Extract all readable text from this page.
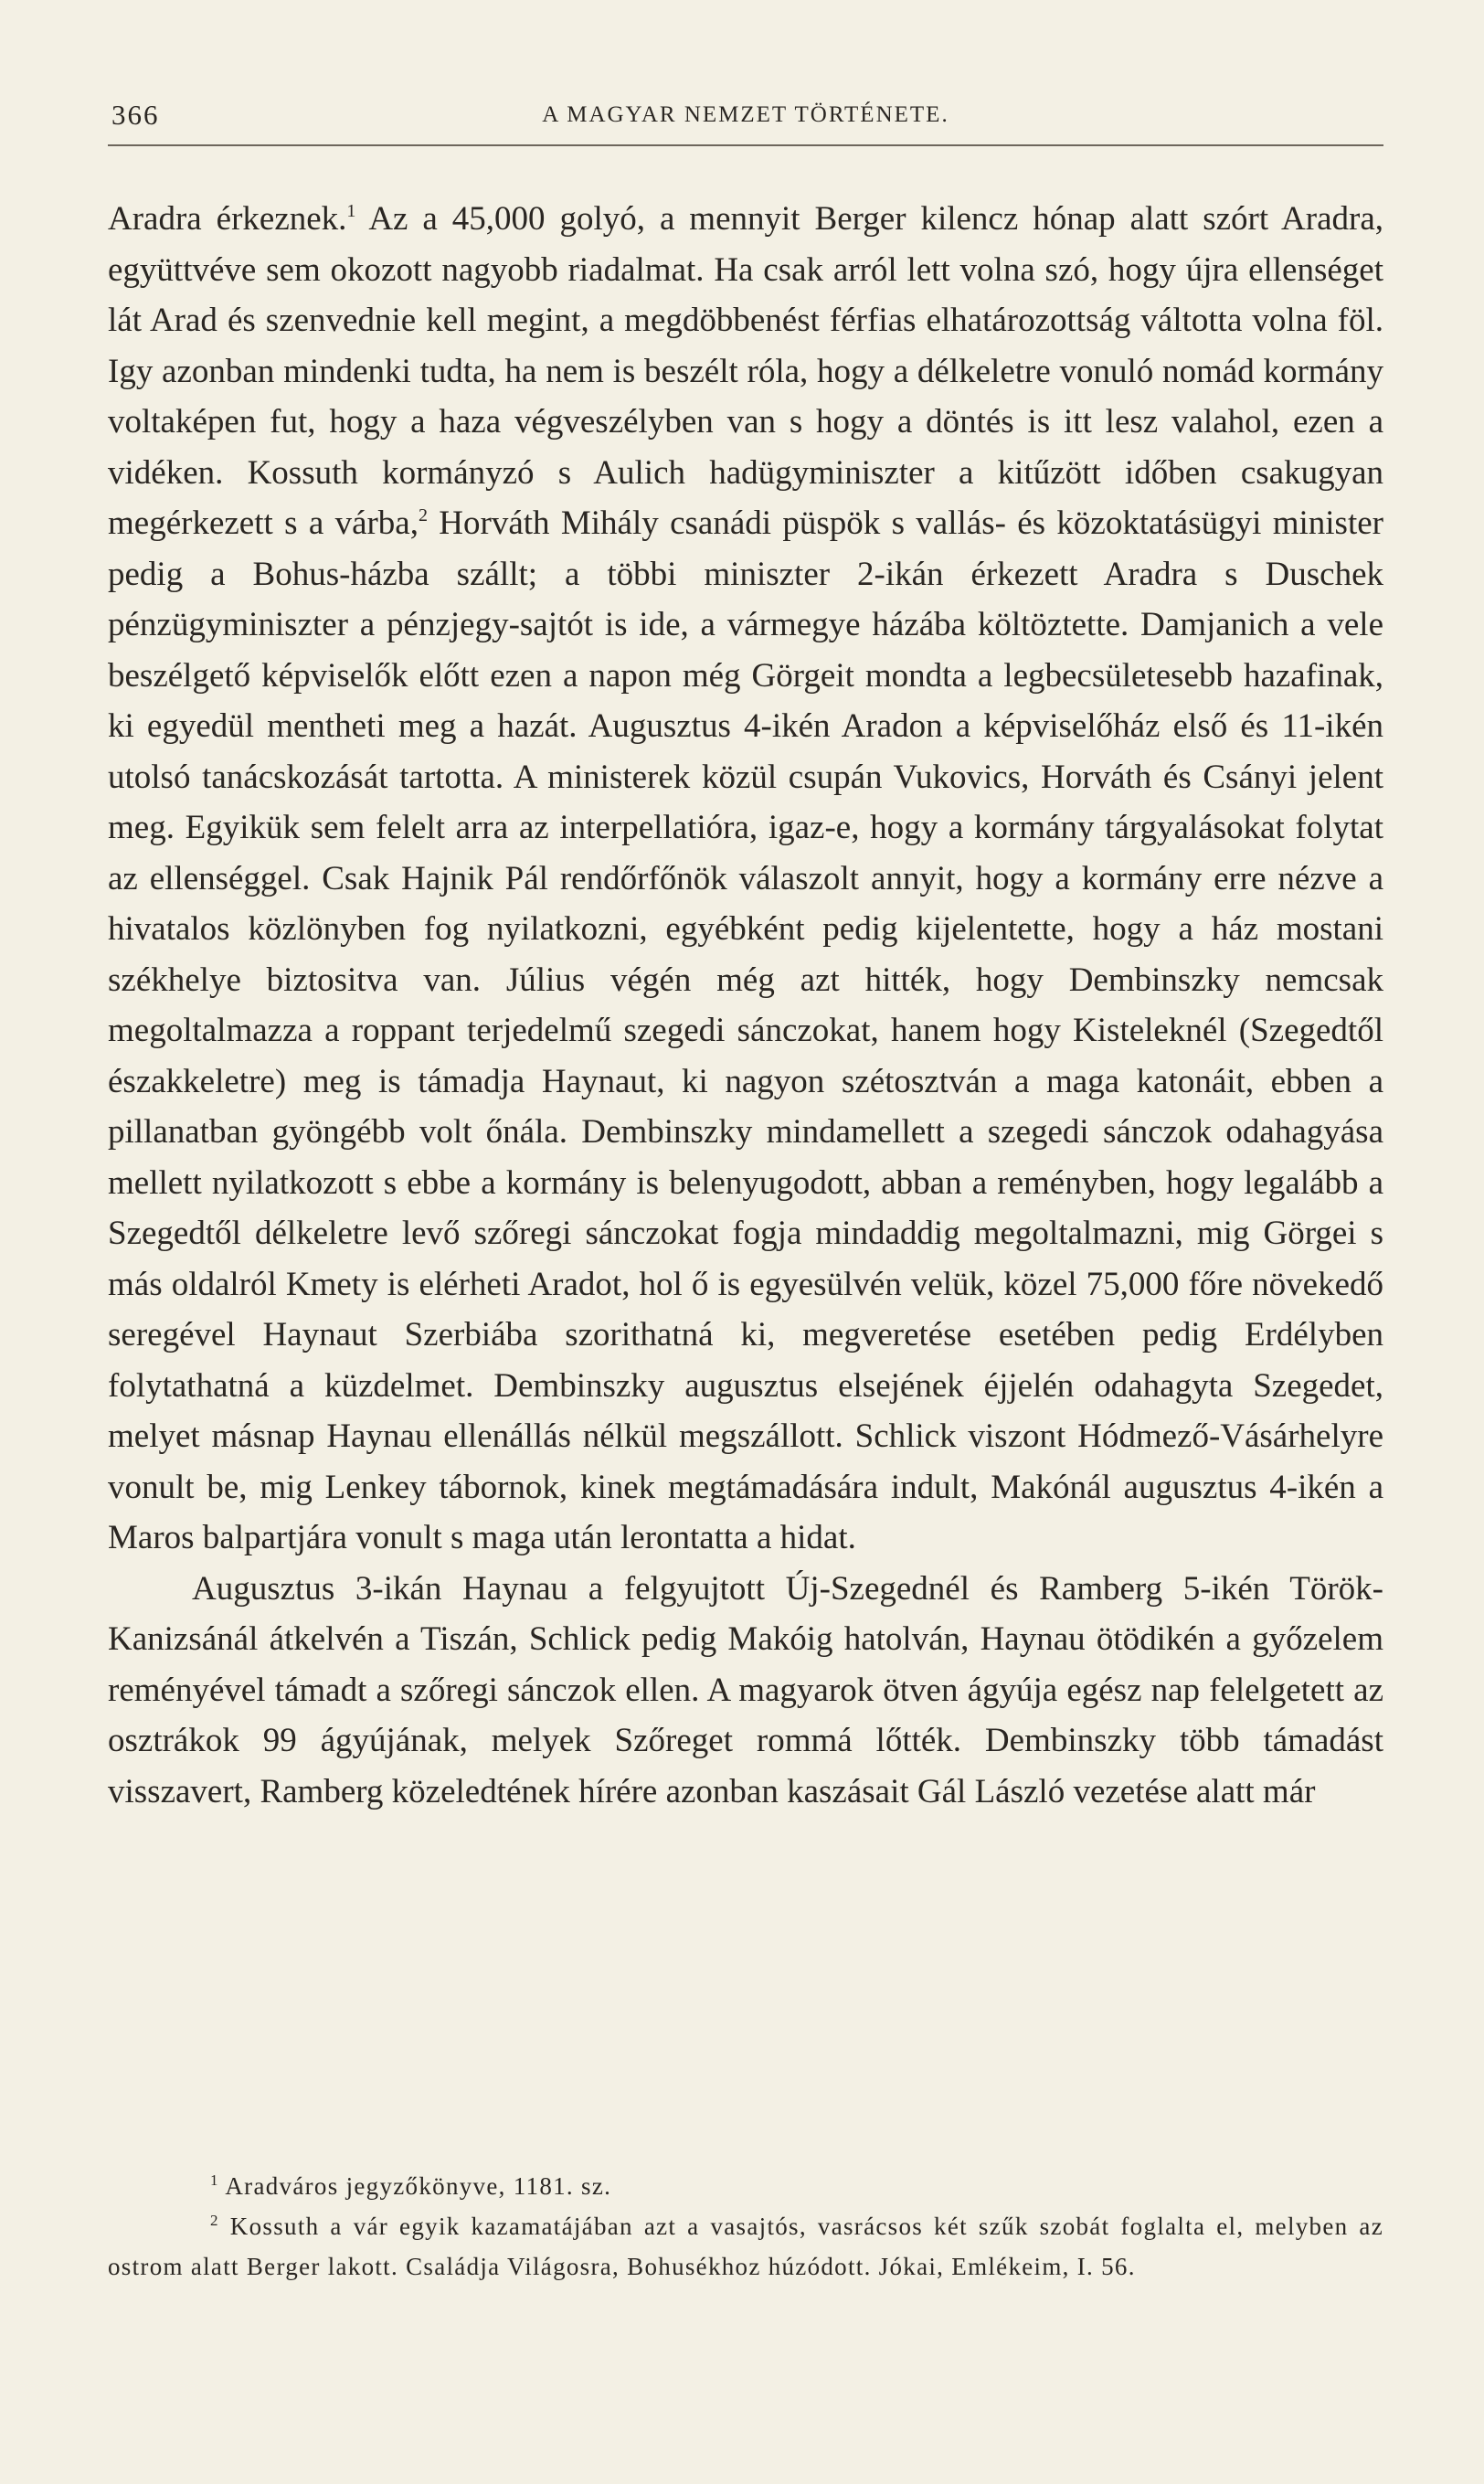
366	A MAGYAR NEMZET TÖRTÉNETE.

Aradra érkeznek.$^1$ Az a 45,000 golyó, a mennyit Berger kilencz hónap alatt szórt Aradra, együttvéve sem okozott nagyobb riadalmat. Ha csak arról lett volna szó, hogy újra ellenséget lát Arad és szenvednie kell megint, a megdöbbenést férfias elhatározottság váltotta volna föl. Igy azonban mindenki tudta, ha nem is beszélt róla, hogy a délkeletre vonuló nomád kormány voltaképen fut, hogy a haza végveszélyben van s hogy a döntés is itt lesz valahol, ezen a vidéken. Kossuth kormányzó s Aulich hadügyminiszter a kitűzött időben csakugyan megérkezett s a várba,$^2$ Horváth Mihály csanádi püspök s vallás- és közoktatásügyi minister pedig a Bohus-házba szállt; a többi miniszter 2-ikán érkezett Aradra s Duschek pénzügyminiszter a pénzjegy-sajtót is ide, a vármegye házába költöztette. Damjanich a vele beszélgető képviselők előtt ezen a napon még Görgeit mondta a legbecsületesebb hazafinak, ki egyedül mentheti meg a hazát. Augusztus 4-ikén Aradon a képviselőház első és 11-ikén utolsó tanácskozását tartotta. A ministerek közül csupán Vukovics, Horváth és Csányi jelent meg. Egyikük sem felelt arra az interpellatióra, igaz-e, hogy a kormány tárgyalásokat folytat az ellenséggel. Csak Hajnik Pál rendőrfőnök válaszolt annyit, hogy a kormány erre nézve a hivatalos közlönyben fog nyilatkozni, egyébként pedig kijelentette, hogy a ház mostani székhelye biztositva van. Július végén még azt hitték, hogy Dembinszky nemcsak megoltalmazza a roppant terjedelmű szegedi sánczokat, hanem hogy Kisteleknél (Szegedtől északkeletre) meg is támadja Haynaut, ki nagyon szétosztván a maga katonáit, ebben a pillanatban gyöngébb volt őnála. Dembinszky mindamellett a szegedi sánczok odahagyása mellett nyilatkozott s ebbe a kormány is belenyugodott, abban a reményben, hogy legalább a Szegedtől délkeletre levő szőregi sánczokat fogja mindaddig megoltalmazni, mig Görgei s más oldalról Kmety is elérheti Aradot, hol ő is egyesülvén velük, közel 75,000 főre növekedő seregével Haynaut Szerbiába szorithatná ki, megveretése esetében pedig Erdélyben folytathatná a küzdelmet. Dembinszky augusztus elsejének éjjelén odahagyta Szegedet, melyet másnap Haynau ellenállás nélkül megszállott. Schlick viszont Hódmező-Vásárhelyre vonult be, mig Lenkey tábornok, kinek megtámadására indult, Makónál augusztus 4-ikén a Maros balpartjára vonult s maga után lerontatta a hidat.

Augusztus 3-ikán Haynau a felgyujtott Új-Szegednél és Ramberg 5-ikén Török-Kanizsánál átkelvén a Tiszán, Schlick pedig Makóig hatolván, Haynau ötödikén a győzelem reményével támadt a szőregi sánczok ellen. A magyarok ötven ágyúja egész nap felelgetett az osztrákok 99 ágyújának, melyek Szőreget rommá lőtték. Dembinszky több támadást visszavert, Ramberg közeledtének hírére azonban kaszásait Gál László vezetése alatt már

$^1$ Aradváros jegyzőkönyve, 1181. sz.

$^2$ Kossuth a vár egyik kazamatájában azt a vasajtós, vasrácsos két szűk szobát foglalta el, melyben az ostrom alatt Berger lakott. Családja Világosra, Bohusékhoz húzódott. Jókai, Emlékeim, I. 56.
